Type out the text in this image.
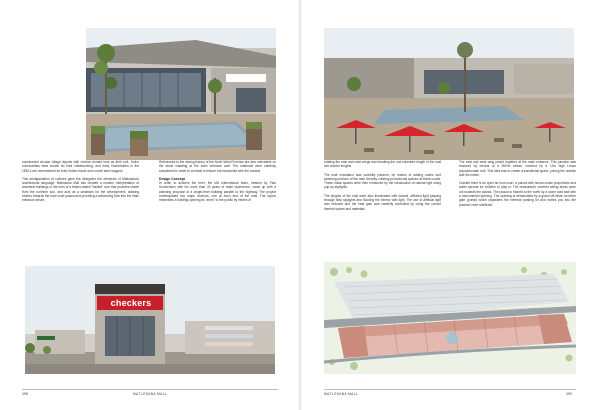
constructed circular village layouts with circular domed huts as their unit. Sotho communities were known for their metalworking, and early Voortrekkers in the 1830's are remembered for their timber-frame and curved steel wagons.

This amalgamation of cultures gave the designers the elements of Matlosana's architectural language. Matlosana Mall has created a modern interpretation of ancestral buildings in the form of a timber-slated "basket" icon that provides shade from the northern sun, and acts as a landmark for the development, drawing visitors towards the food court piazza and providing a welcoming flow into the main entrance atrium.

References to the mining history of the North West Province are also noticeable on the stone cladding at the main entrance wall. The materials were carefully considered in order to contrast in texture but harmonise with the context.

Design Concept

In order to achieve the brief, the MA international team, headed by Paul Sonnichsen with his more than 30 years of retail experience, came up with a planning proposal of a single-level building parallel to the highway. The project contemplated two major anchors, one at each end of the mall. The layout resembles a building opening its "arms" to the public by means of

checkers
498	MATLOSANA MALL

rotating the east and west wings and breaking the one kilometre length of the mall into shorter lengths.

The mall circulation was carefully planned, by means of adding nodes and widening portions of the mall, thereby creating promotional spaces at these courts. These nodal spaces were then enhanced by the introduction of natural light using pop-up skylights.

The lengths of the mall were also illuminated with natural, diffused light passing through strip skylights and flooding the interior with light. The use of artificial light was reduced and the heat gain was carefully controlled by using the correct thermal values and materials.

The east and west wing joined together at the main entrance. This junction was resolved by means of a 360m² atrium, covered by a 12m high Lexan polycarbonate roof. This idea was to create a transitional space, joining the outside and the inside.

Outside there is an open air food court, a piazza with human scale proportions and water sprouts for children to play in. The restaurants' covered sitting areas open out towards the piazza. The piazza is framed to the north by a stone clad wall with a monumental opening. The opening is demarcated by a grand off-white concrete gate (portal) which separates the external parking lot and invites you into the precinct more sheltered

MATLOSANA MALL	499
